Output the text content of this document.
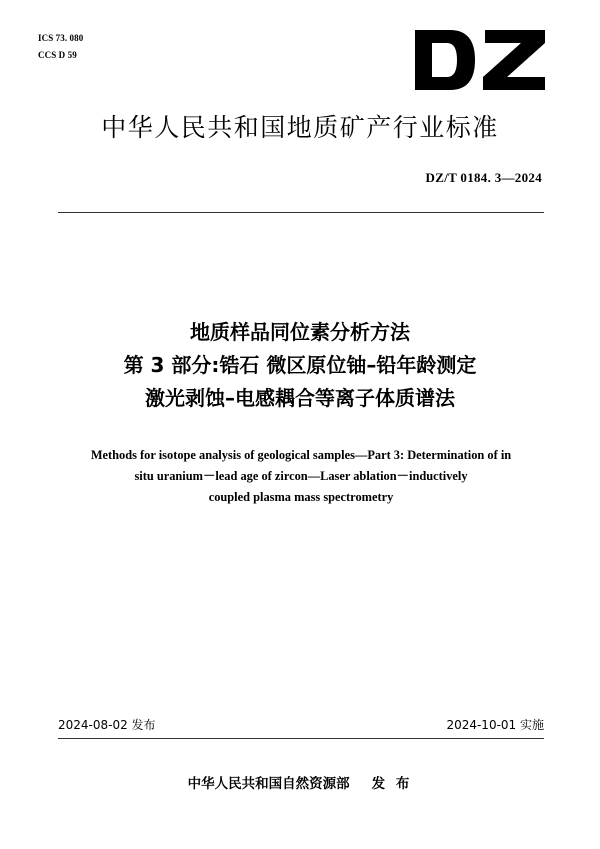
ICS 73. 080
CCS D 59
中华人民共和国地质矿产行业标准
DZ/T 0184. 3—2024
地质样品同位素分析方法
第 3 部分:锆石 微区原位铀–铅年龄测定
激光剥蚀–电感耦合等离子体质谱法
Methods for isotope analysis of geological samples—Part 3: Determination of in
situ uranium－lead age of zircon—Laser ablation－inductively
coupled plasma mass spectrometry
2024-08-02 发布	2024-10-01 实施
中华人民共和国自然资源部 发 布
